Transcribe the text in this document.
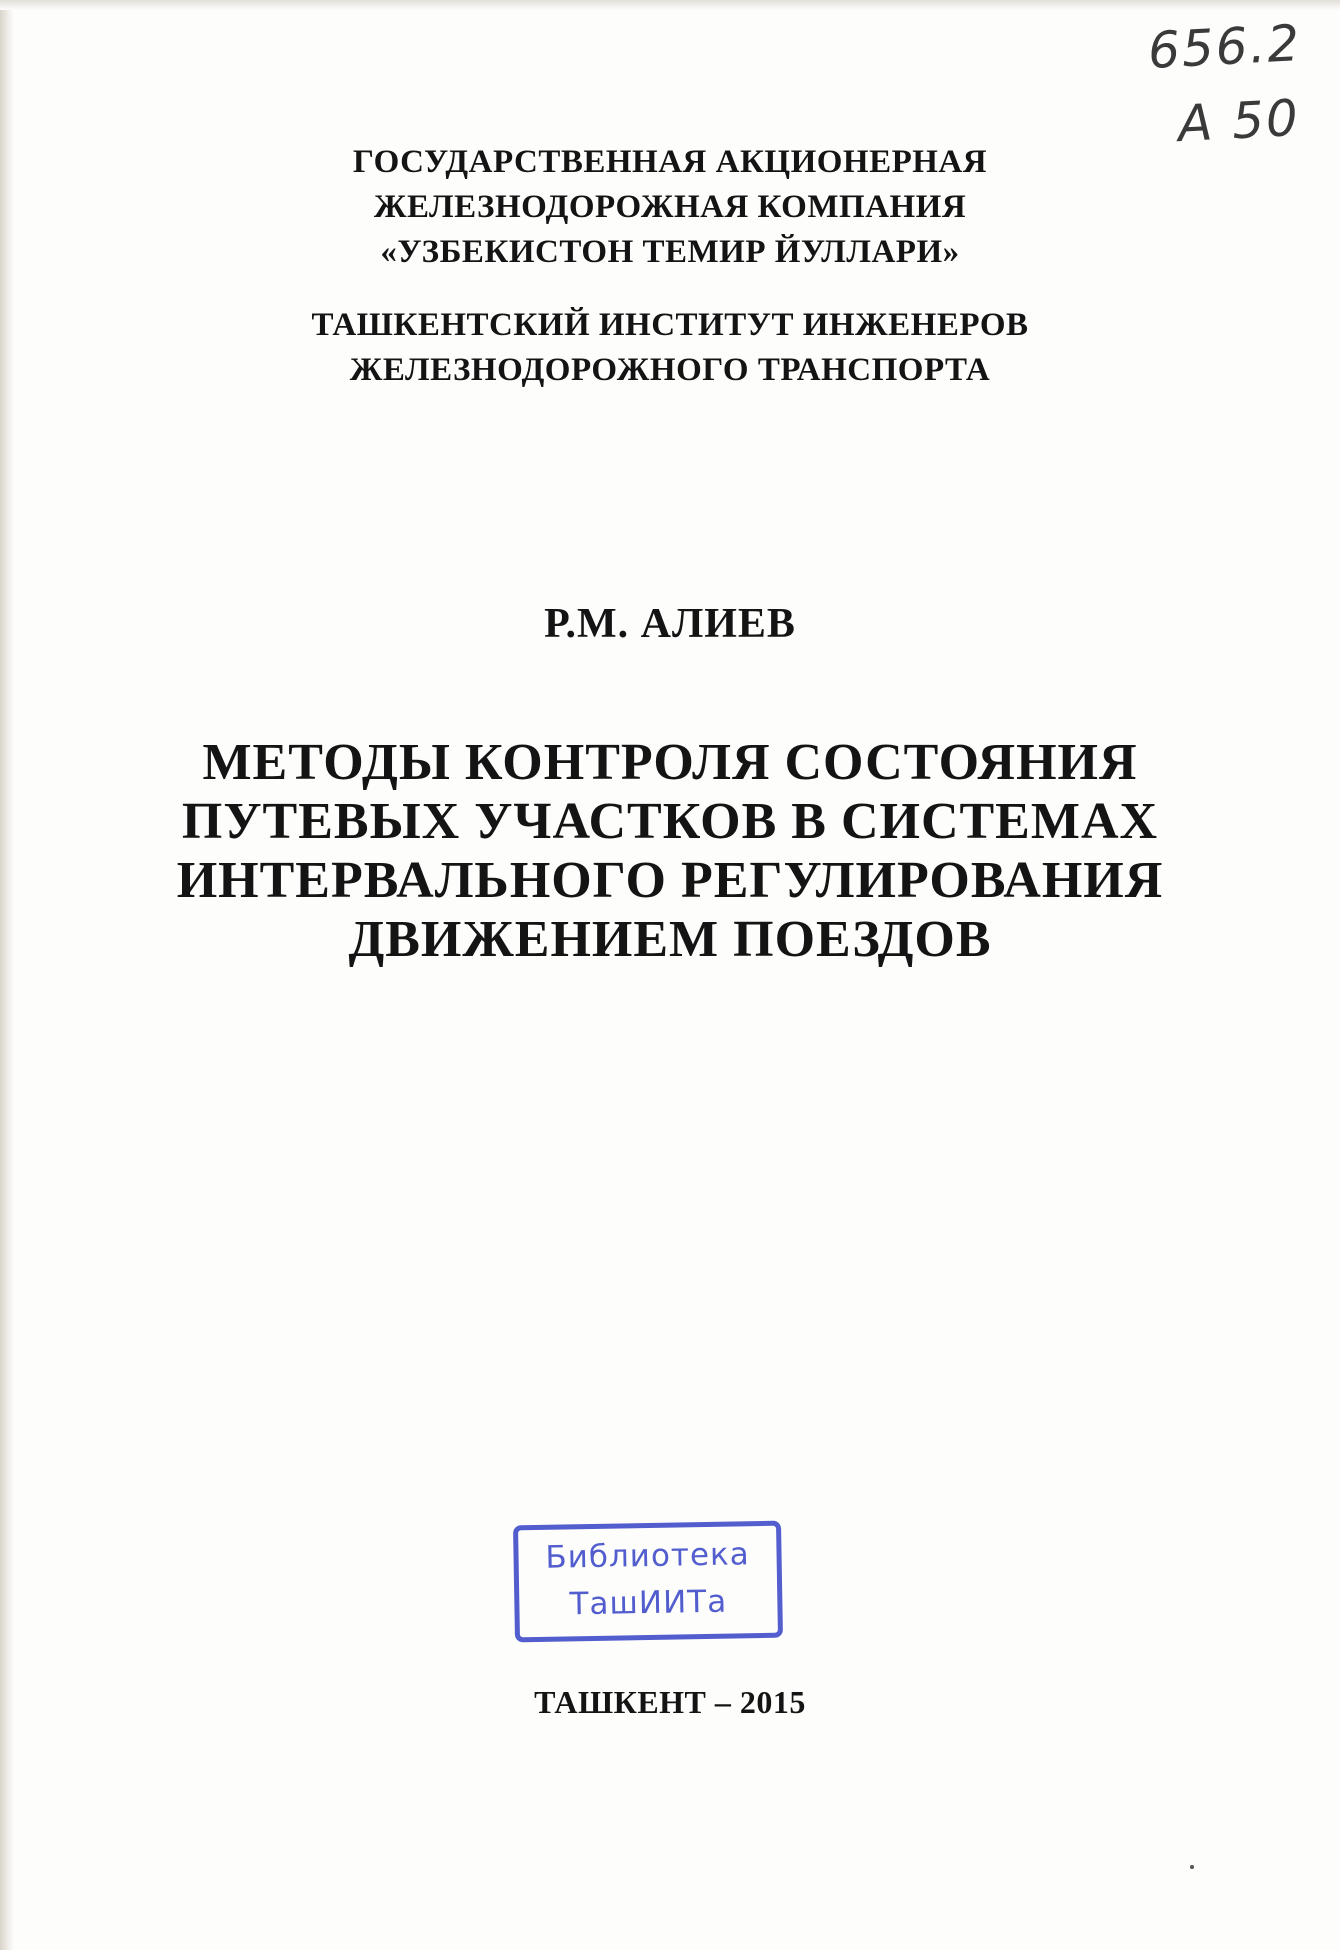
656.2
А 50
ГОСУДАРСТВЕННАЯ АКЦИОНЕРНАЯ
ЖЕЛЕЗНОДОРОЖНАЯ КОМПАНИЯ
«УЗБЕКИСТОН ТЕМИР ЙУЛЛАРИ»
ТАШКЕНТСКИЙ ИНСТИТУТ ИНЖЕНЕРОВ
ЖЕЛЕЗНОДОРОЖНОГО ТРАНСПОРТА
Р.М. АЛИЕВ
МЕТОДЫ КОНТРОЛЯ СОСТОЯНИЯ
ПУТЕВЫХ УЧАСТКОВ В СИСТЕМАХ
ИНТЕРВАЛЬНОГО РЕГУЛИРОВАНИЯ
ДВИЖЕНИЕМ ПОЕЗДОВ
Библиотека
ТашИИТа
ТАШКЕНТ – 2015
